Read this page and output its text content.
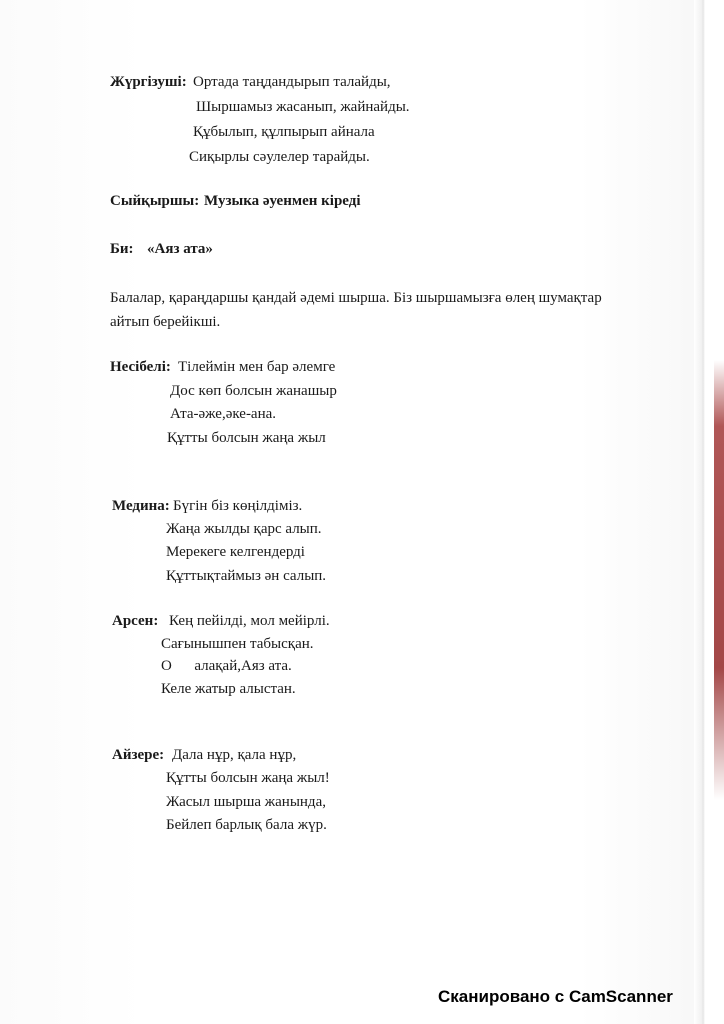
Жүргізуші: Ортада таңдандырып талайды,
Шыршамыз жасанып, жайнайды.
Құбылып, құлпырып айнала
Сиқырлы сәулелер тарайды.
Сыйқыршы: Музыка әуенмен кіреді
Би: «Аяз ата»
Балалар, қараңдаршы қандай әдемі шырша. Біз шыршамызға өлең шумақтар
айтып берейікші.
Несібелі: Тілеймін мен бар әлемге
Дос көп болсын жанашыр
Ата-әже,әке-ана.
Құтты болсын жаңа жыл
Медина: Бүгін біз көңілдіміз.
Жаңа жылды қарс алып.
Мерекеге келгендерді
Құттықтаймыз ән салып.
Арсен: Кең пейілді, мол мейірлі.
Сағынышпен табысқан.
О      алақай,Аяз ата.
Келе жатыр алыстан.
Айзере: Дала нұр, қала нұр,
Құтты болсын жаңа жыл!
Жасыл шырша жанында,
Бейлеп барлық бала жүр.
Сканировано с CamScanner
